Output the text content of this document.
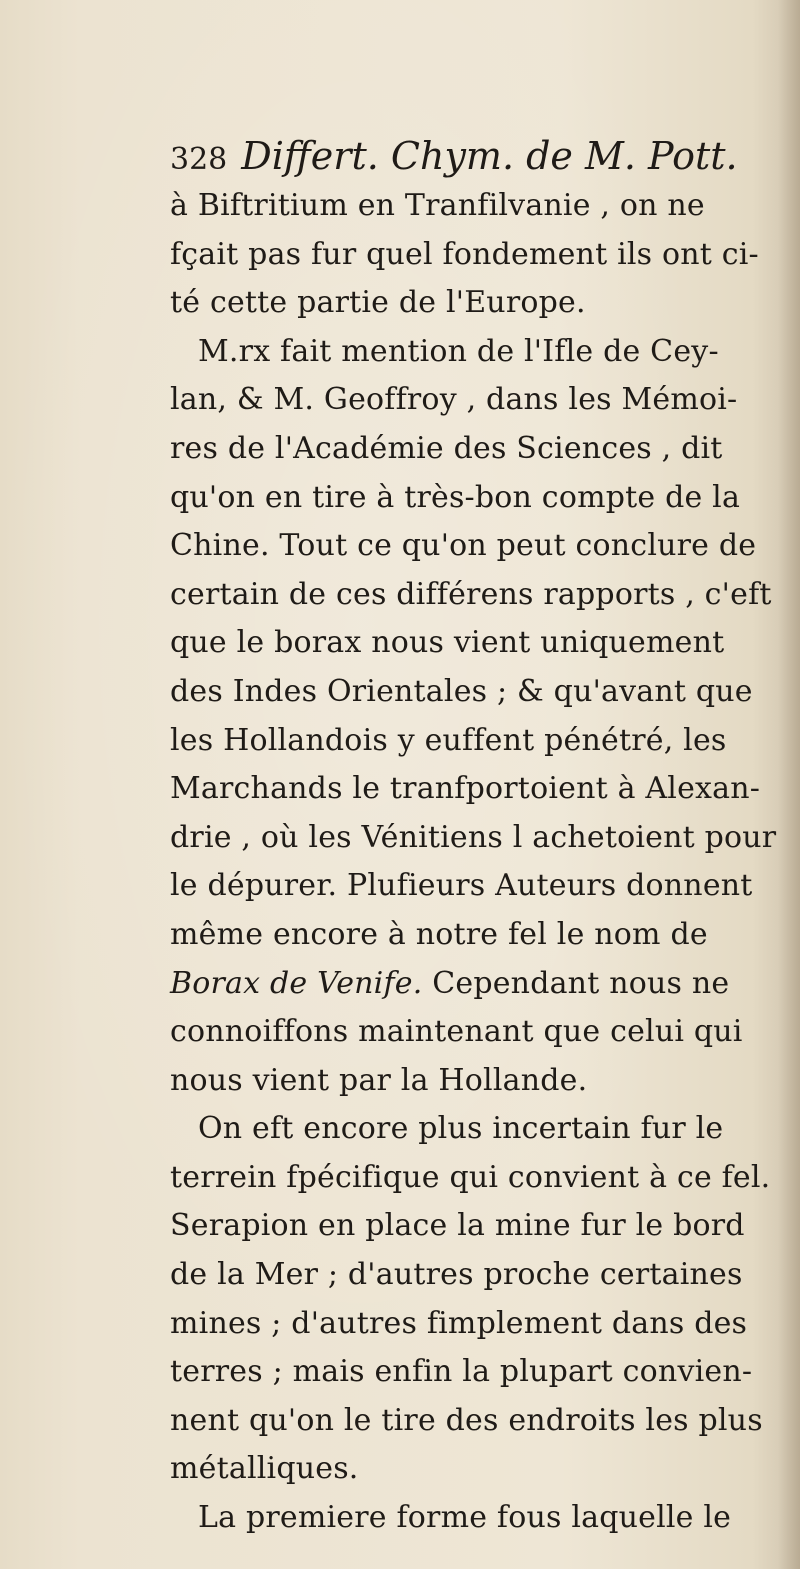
328 Differt. Chym. de M. Pott.
à Biftritium en Tranfilvanie , on ne
fçait pas fur quel fondement ils ont ci-
té cette partie de l'Europe.
M.rx fait mention de l'Ifle de Cey-
lan, & M. Geoffroy , dans les Mémoi-
res de l'Académie des Sciences , dit
qu'on en tire à très-bon compte de la
Chine. Tout ce qu'on peut conclure de
certain de ces différens rapports , c'eft
que le borax nous vient uniquement
des Indes Orientales ; & qu'avant que
les Hollandois y euffent pénétré, les
Marchands le tranfportoient à Alexan-
drie , où les Vénitiens l achetoient pour
le dépurer. Plufieurs Auteurs donnent
même encore à notre fel le nom de
Borax de Venife. Cependant nous ne
connoiffons maintenant que celui qui
nous vient par la Hollande.
On eft encore plus incertain fur le
terrein fpécifique qui convient à ce fel.
Serapion en place la mine fur le bord
de la Mer ; d'autres proche certaines
mines ; d'autres fimplement dans des
terres ; mais enfin la plupart convien-
nent qu'on le tire des endroits les plus
métalliques.
La premiere forme fous laquelle le
